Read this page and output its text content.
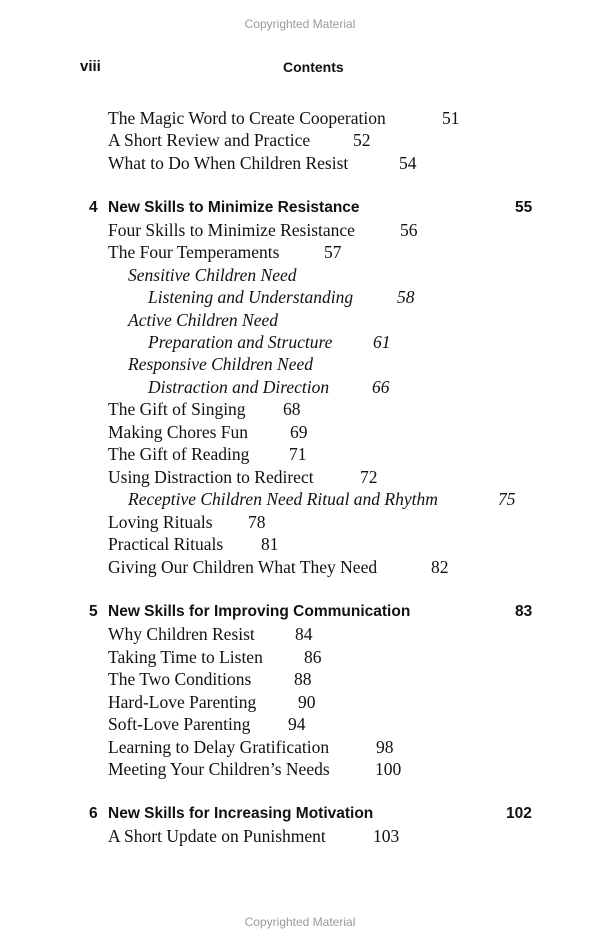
Copyrighted Material
viii	Contents
The Magic Word to Create Cooperation	51
A Short Review and Practice 52
What to Do When Children Resist	54
4 New Skills to Minimize Resistance	55
Four Skills to Minimize Resistance	56
The Four Temperaments	57
Sensitive Children Need
Listening and Understanding	58
Active Children Need
Preparation and Structure 61
Responsive Children Need
Distraction and Direction 66
The Gift of Singing 68
Making Chores Fun 69
The Gift of Reading 71
Using Distraction to Redirect	72
Receptive Children Need Ritual and Rhythm	75
Loving Rituals 78
Practical Rituals 81
Giving Our Children What They Need	82
5 New Skills for Improving Communication	83
Why Children Resist 84
Taking Time to Listen 86
The Two Conditions 88
Hard-Love Parenting 90
Soft-Love Parenting 94
Learning to Delay Gratification	98
Meeting Your Children’s Needs	100
6 New Skills for Increasing Motivation	102
A Short Update on Punishment	103
Copyrighted Material
